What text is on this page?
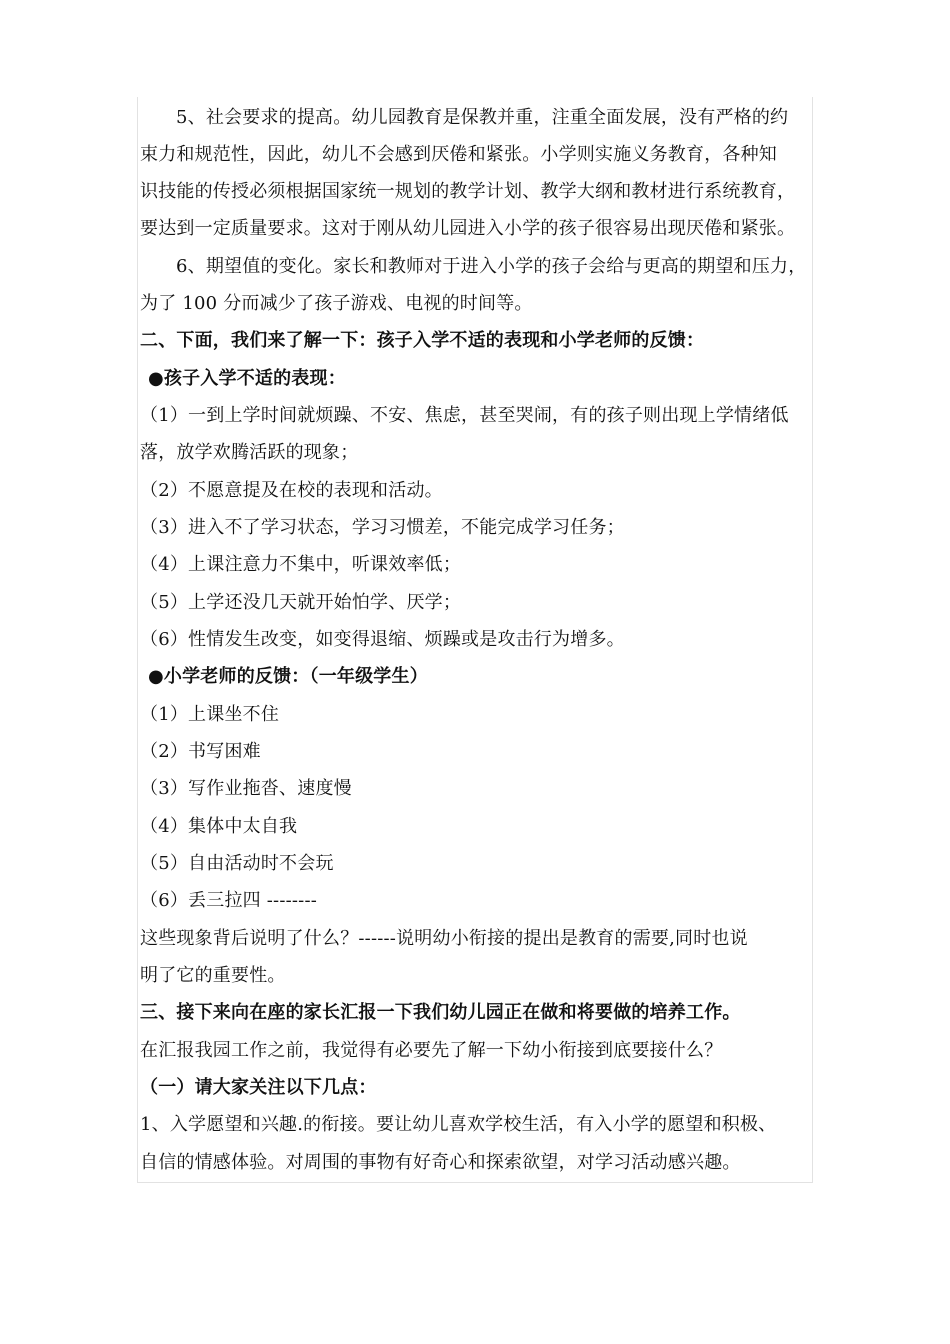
5、社会要求的提高。幼儿园教育是保教并重，注重全面发展，没有严格的约
束力和规范性，因此，幼儿不会感到厌倦和紧张。小学则实施义务教育，各种知
识技能的传授必须根据国家统一规划的教学计划、教学大纲和教材进行系统教育，
要达到一定质量要求。这对于刚从幼儿园进入小学的孩子很容易出现厌倦和紧张。
6、期望值的变化。家长和教师对于进入小学的孩子会给与更高的期望和压力，
为了 100 分而减少了孩子游戏、电视的时间等。
二、下面，我们来了解一下：孩子入学不适的表现和小学老师的反馈：
●孩子入学不适的表现：
（1）一到上学时间就烦躁、不安、焦虑，甚至哭闹，有的孩子则出现上学情绪低
落，放学欢腾活跃的现象；
（2）不愿意提及在校的表现和活动。
（3）进入不了学习状态，学习习惯差，不能完成学习任务；
（4）上课注意力不集中，听课效率低；
（5）上学还没几天就开始怕学、厌学；
（6）性情发生改变，如变得退缩、烦躁或是攻击行为增多。
●小学老师的反馈：（一年级学生）
（1）上课坐不住
（2）书写困难
（3）写作业拖沓、速度慢
（4）集体中太自我
（5）自由活动时不会玩
（6）丢三拉四 --------
这些现象背后说明了什么？------说明幼小衔接的提出是教育的需要,同时也说
明了它的重要性。
三、接下来向在座的家长汇报一下我们幼儿园正在做和将要做的培养工作。
在汇报我园工作之前，我觉得有必要先了解一下幼小衔接到底要接什么？
（一）请大家关注以下几点：
1、入学愿望和兴趣.的衔接。要让幼儿喜欢学校生活，有入小学的愿望和积极、
自信的情感体验。对周围的事物有好奇心和探索欲望，对学习活动感兴趣。
